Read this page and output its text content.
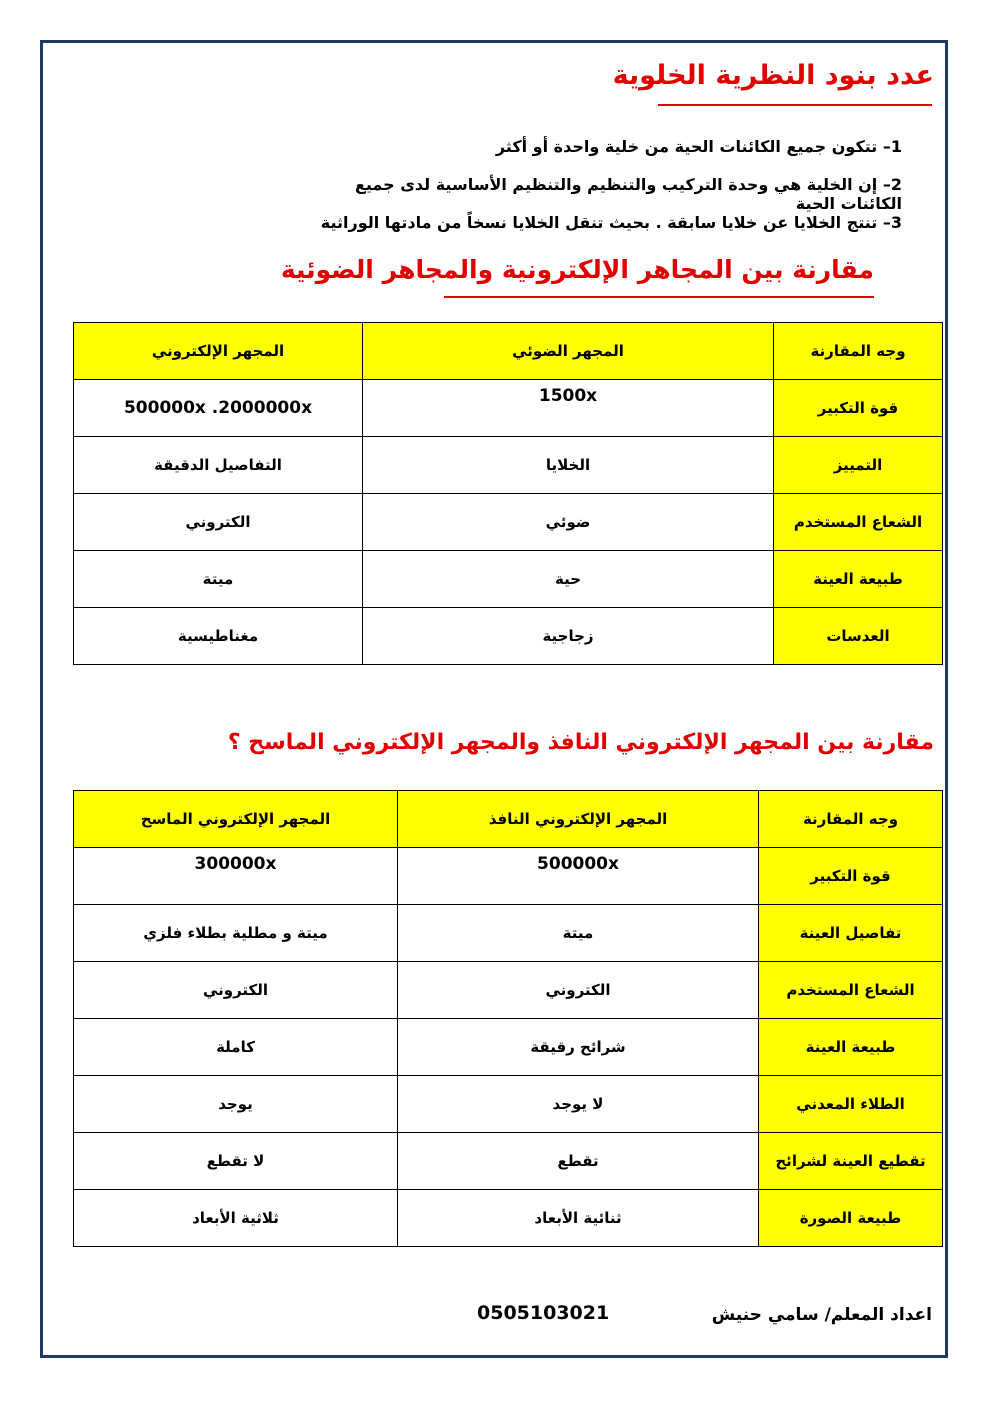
عدد بنود النظرية الخلوية
1– تتكون جميع الكائنات الحية من خلية واحدة أو أكثر
2– إن الخلية هي وحدة التركيب والتنظيم والتنظيم الأساسية لدى جميع الكائنات الحية
3– تنتج الخلايا عن خلايا سابقة . بحيث تنقل الخلايا نسخاً من مادتها الوراثية
مقارنة بين المجاهر الإلكترونية والمجاهر الضوئية
المجهر الإلكتروني	المجهر الضوئي	وجه المقارنة
500000x .2000000x	1500x	قوة التكبير
التفاصيل الدقيقة	الخلايا	التمييز
الكتروني	ضوئي	الشعاع المستخدم
ميتة	حية	طبيعة العينة
مغناطيسية	زجاجية	العدسات
مقارنة بين المجهر الإلكتروني النافذ والمجهر الإلكتروني الماسح ؟
المجهر الإلكتروني الماسح	المجهر الإلكتروني النافذ	وجه المقارنة
300000x	500000x	قوة التكبير
ميتة و مطلية بطلاء فلزي	ميتة	تفاصيل العينة
الكتروني	الكتروني	الشعاع المستخدم
كاملة	شرائح رقيقة	طبيعة العينة
يوجد	لا يوجد	الطلاء المعدني
لا تقطع	تقطع	تقطيع العينة لشرائح
ثلاثية الأبعاد	ثنائية الأبعاد	طبيعة الصورة
اعداد المعلم/ سامي حنيش
0505103021
